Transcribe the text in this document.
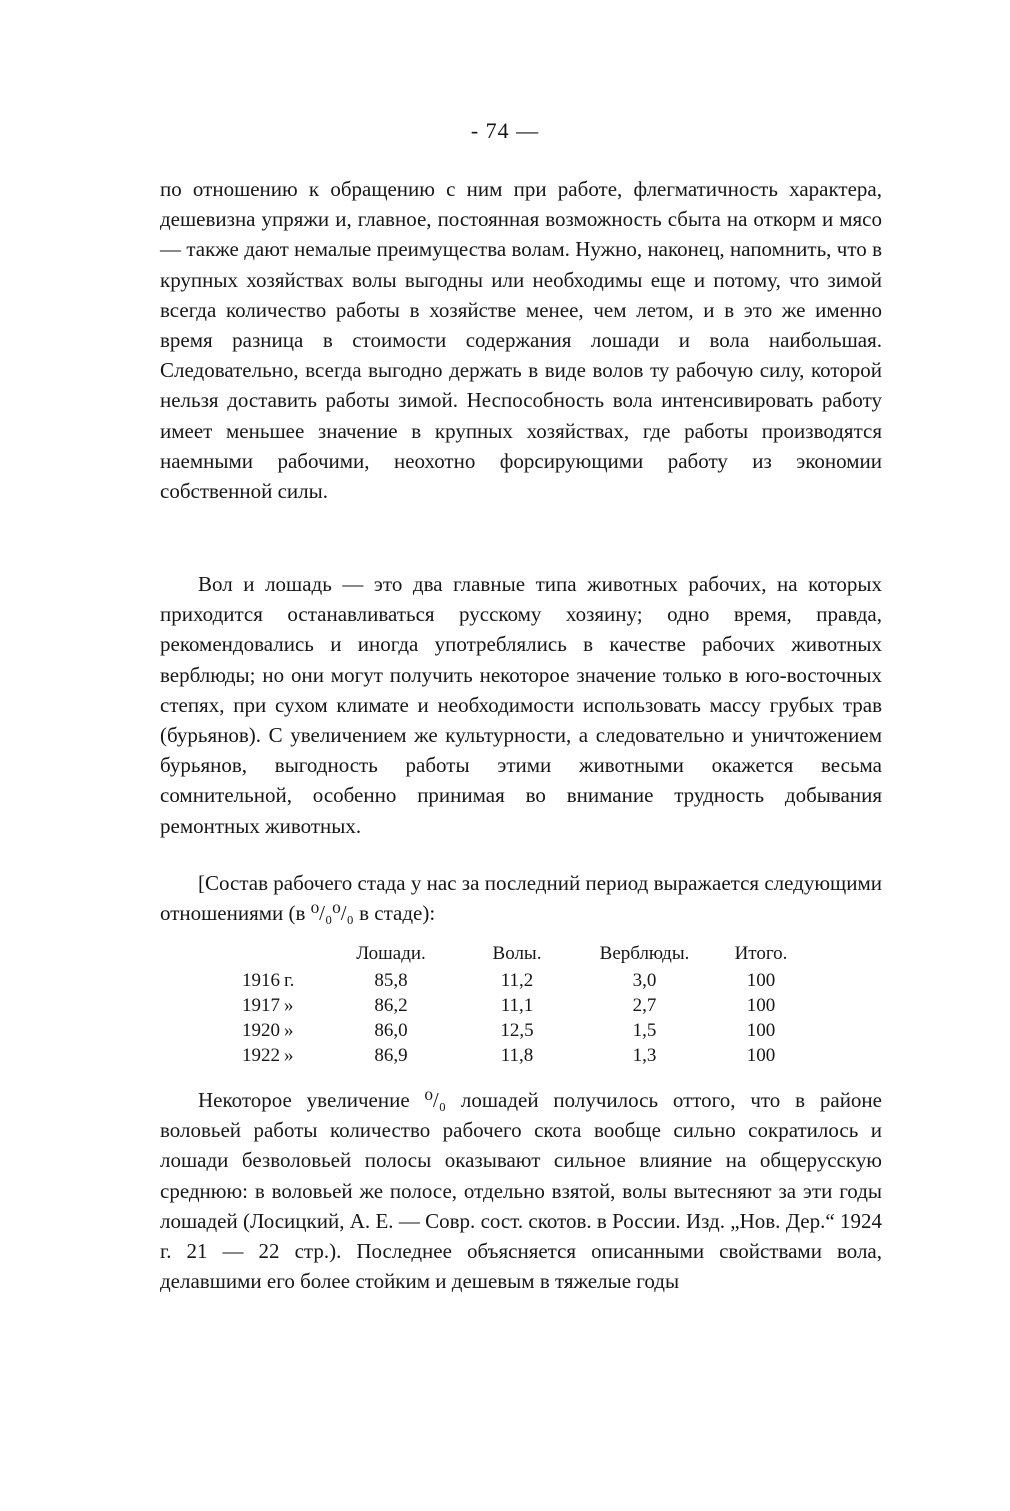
- 74 —

по отношению к обращению с ним при работе, флегматичность характера, дешевизна упряжи и, главное, постоянная возможность сбыта на откорм и мясо — также дают немалые преимущества волам. Нужно, наконец, напомнить, что в крупных хозяйствах волы выгодны или необходимы еще и потому, что зимой всегда количество работы в хозяйстве менее, чем летом, и в это же именно время разница в стоимости содержания лошади и вола наибольшая. Следовательно, всегда выгодно держать в виде волов ту рабочую силу, которой нельзя доставить работы зимой. Неспособность вола интенсивировать работу имеет меньшее значение в крупных хозяйствах, где работы производятся наемными рабочими, неохотно форсирующими работу из экономии собственной силы.

Вол и лошадь — это два главные типа животных рабочих, на которых приходится останавливаться русскому хозяину; одно время, правда, рекомендовались и иногда употреблялись в качестве рабочих животных верблюды; но они могут получить некоторое значение только в юго-восточных степях, при сухом климате и необходимости использовать массу грубых трав (бурьянов). С увеличением же культурности, а следовательно и уничтожением бурьянов, выгодность работы этими животными окажется весьма сомнительной, особенно принимая во внимание трудность добывания ремонтных животных.

[Состав рабочего стада у нас за последний период выражается следующими отношениями (в ⁰/₀⁰/₀ в стаде):

	Лошади.	Волы.	Верблюды.	Итого.
1916 г.	85,8	11,2	3,0	100
1917 »	86,2	11,1	2,7	100
1920 »	86,0	12,5	1,5	100
1922 »	86,9	11,8	1,3	100

Некоторое увеличение ⁰/₀ лошадей получилось оттого, что в районе воловьей работы количество рабочего скота вообще сильно сократилось и лошади безволовьей полосы оказывают сильное влияние на общерусскую среднюю: в воловьей же полосе, отдельно взятой, волы вытесняют за эти годы лошадей (Лосицкий, А. Е. — Совр. сост. скотов. в России. Изд. „Нов. Дер.“ 1924 г. 21 — 22 стр.). Последнее объясняется описанными свойствами вола, делавшими его более стойким и дешевым в тяжелые годы
